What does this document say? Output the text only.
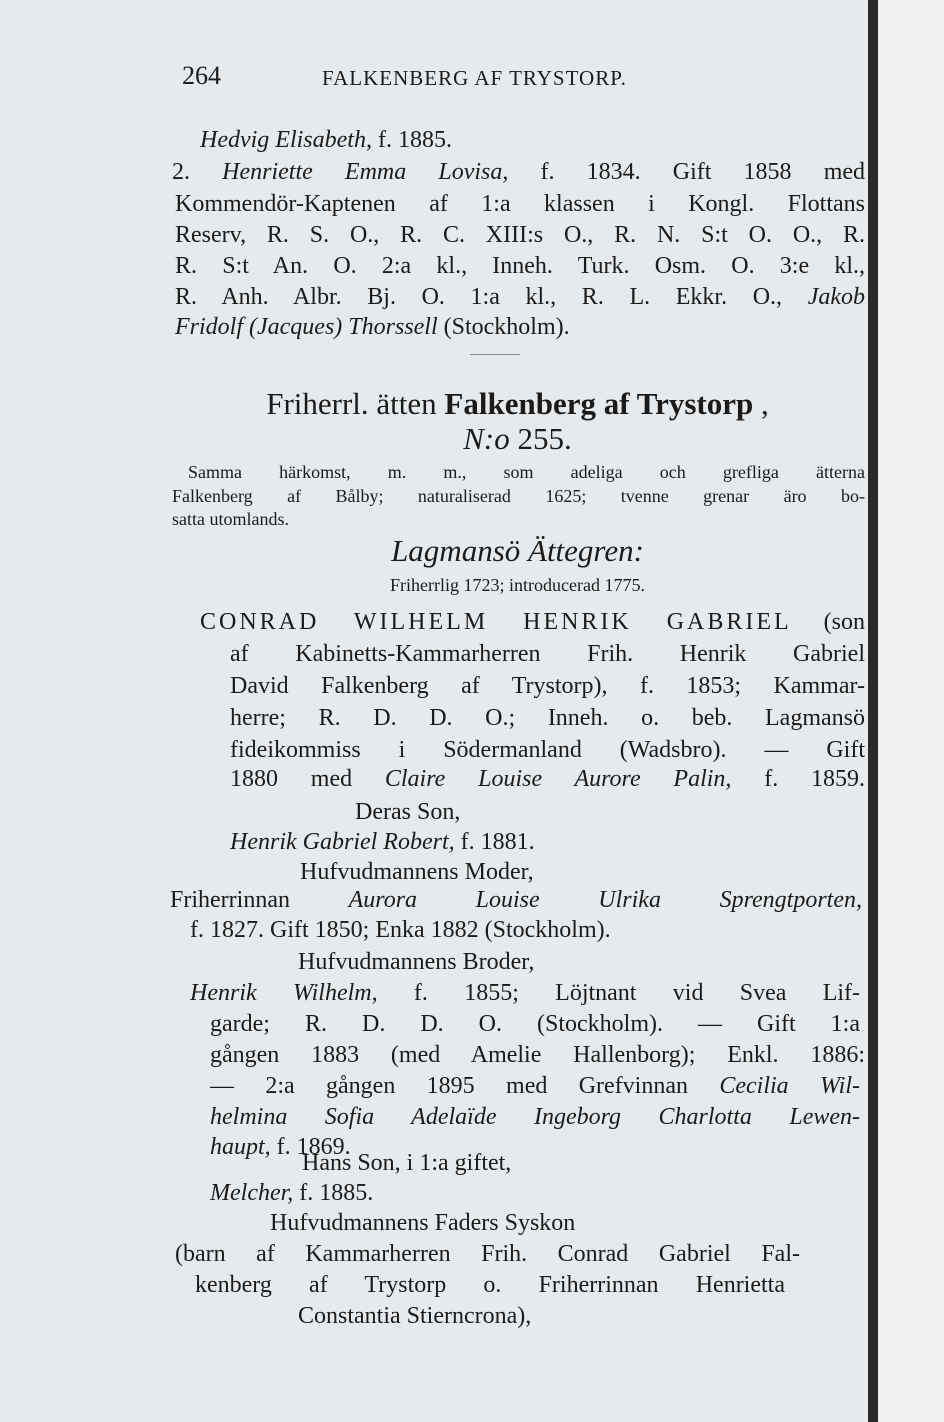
264	FALKENBERG AF TRYSTORP.
Hedvig Elisabeth, f. 1885.
2. Henriette Emma Lovisa, f. 1834. Gift 1858 med
Kommendör-Kaptenen af 1:a klassen i Kongl. Flottans
Reserv, R. S. O., R. C. XIII:s O., R. N. S:t O. O., R.
R. S:t An. O. 2:a kl., Inneh. Turk. Osm. O. 3:e kl.,
R. Anh. Albr. Bj. O. 1:a kl., R. L. Ekkr. O., Jakob
Fridolf (Jacques) Thorssell (Stockholm).
Friherrl. ätten Falkenberg af Trystorp ,
N:o 255.
Samma härkomst, m. m., som adeliga och grefliga ätterna
Falkenberg af Bålby; naturaliserad 1625; tvenne grenar äro bo-
satta utomlands.
Lagmansö Ättegren:
Friherrlig 1723; introducerad 1775.
CONRAD WILHELM HENRIK GABRIEL (son
af Kabinetts-Kammarherren Frih. Henrik Gabriel
David Falkenberg af Trystorp), f. 1853; Kammar-
herre; R. D. D. O.; Inneh. o. beb. Lagmansö
fideikommiss i Södermanland (Wadsbro). — Gift
1880 med Claire Louise Aurore Palin, f. 1859.
Deras Son,
Henrik Gabriel Robert, f. 1881.
Hufvudmannens Moder,
Friherrinnan Aurora Louise Ulrika Sprengtporten,
f. 1827. Gift 1850; Enka 1882 (Stockholm).
Hufvudmannens Broder,
Henrik Wilhelm, f. 1855; Löjtnant vid Svea Lif-
garde; R. D. D. O. (Stockholm). — Gift 1:a
gången 1883 (med Amelie Hallenborg); Enkl. 1886:
— 2:a gången 1895 med Grefvinnan Cecilia Wil-
helmina Sofia Adelaïde Ingeborg Charlotta Lewen-
haupt, f. 1869.
Hans Son, i 1:a giftet,
Melcher, f. 1885.
Hufvudmannens Faders Syskon
(barn af Kammarherren Frih. Conrad Gabriel Fal-
kenberg af Trystorp o. Friherrinnan Henrietta
Constantia Stierncrona),
